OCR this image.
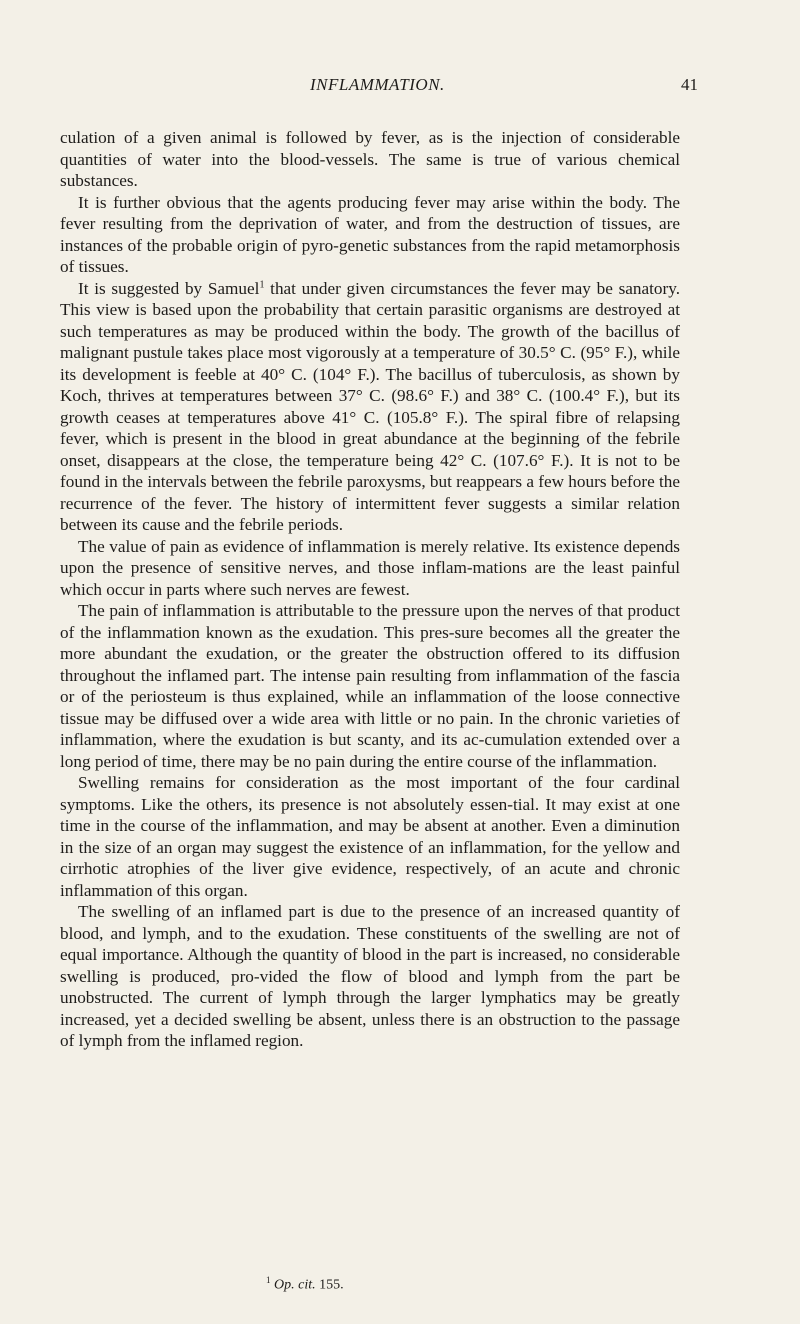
INFLAMMATION.	41

culation of a given animal is followed by fever, as is the injection of considerable quantities of water into the blood-vessels. The same is true of various chemical substances.

It is further obvious that the agents producing fever may arise within the body. The fever resulting from the deprivation of water, and from the destruction of tissues, are instances of the probable origin of pyro-genetic substances from the rapid metamorphosis of tissues.

It is suggested by Samuel$^1$ that under given circumstances the fever may be sanatory. This view is based upon the probability that certain parasitic organisms are destroyed at such temperatures as may be produced within the body. The growth of the bacillus of malignant pustule takes place most vigorously at a temperature of 30.5° C. (95° F.), while its development is feeble at 40° C. (104° F.). The bacillus of tuberculosis, as shown by Koch, thrives at temperatures between 37° C. (98.6° F.) and 38° C. (100.4° F.), but its growth ceases at temperatures above 41° C. (105.8° F.). The spiral fibre of relapsing fever, which is present in the blood in great abundance at the beginning of the febrile onset, disappears at the close, the temperature being 42° C. (107.6° F.). It is not to be found in the intervals between the febrile paroxysms, but reappears a few hours before the recurrence of the fever. The history of intermittent fever suggests a similar relation between its cause and the febrile periods.

The value of pain as evidence of inflammation is merely relative. Its existence depends upon the presence of sensitive nerves, and those inflam-mations are the least painful which occur in parts where such nerves are fewest.

The pain of inflammation is attributable to the pressure upon the nerves of that product of the inflammation known as the exudation. This pres-sure becomes all the greater the more abundant the exudation, or the greater the obstruction offered to its diffusion throughout the inflamed part. The intense pain resulting from inflammation of the fascia or of the periosteum is thus explained, while an inflammation of the loose connective tissue may be diffused over a wide area with little or no pain. In the chronic varieties of inflammation, where the exudation is but scanty, and its ac-cumulation extended over a long period of time, there may be no pain during the entire course of the inflammation.

Swelling remains for consideration as the most important of the four cardinal symptoms. Like the others, its presence is not absolutely essen-tial. It may exist at one time in the course of the inflammation, and may be absent at another. Even a diminution in the size of an organ may suggest the existence of an inflammation, for the yellow and cirrhotic atrophies of the liver give evidence, respectively, of an acute and chronic inflammation of this organ.

The swelling of an inflamed part is due to the presence of an increased quantity of blood, and lymph, and to the exudation. These constituents of the swelling are not of equal importance. Although the quantity of blood in the part is increased, no considerable swelling is produced, pro-vided the flow of blood and lymph from the part be unobstructed. The current of lymph through the larger lymphatics may be greatly increased, yet a decided swelling be absent, unless there is an obstruction to the passage of lymph from the inflamed region.

$^1$ Op. cit. 155.
